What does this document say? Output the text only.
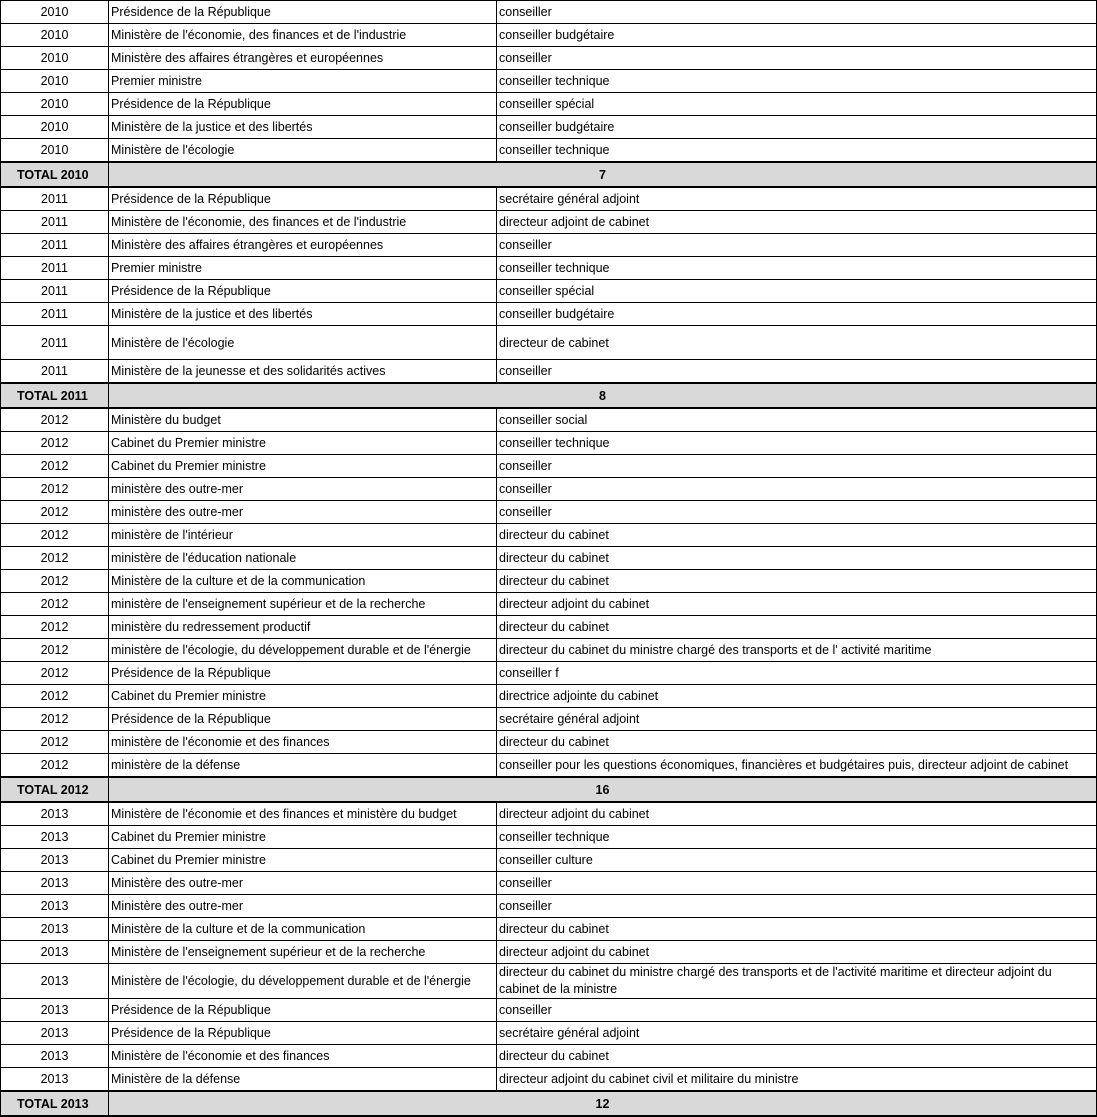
2010	Présidence de la République	conseiller
2010	Ministère de l'économie, des finances et de l'industrie	conseiller budgétaire
2010	Ministère des affaires étrangères et européennes	conseiller
2010	Premier ministre	conseiller technique
2010	Présidence de la République	conseiller spécial
2010	Ministère de la justice et des libertés	conseiller budgétaire
2010	Ministère de l'écologie	conseiller technique
TOTAL 2010	7	
2011	Présidence de la République	secrétaire général adjoint
2011	Ministère de l'économie, des finances et de l'industrie	directeur adjoint de cabinet
2011	Ministère des affaires étrangères et européennes	conseiller
2011	Premier ministre	conseiller technique
2011	Présidence de la République	conseiller spécial
2011	Ministère de la justice et des libertés	conseiller budgétaire
2011	Ministère de l'écologie	directeur de cabinet
2011	Ministère de la jeunesse et des solidarités actives	conseiller
TOTAL 2011	8	
2012	Ministère du budget	conseiller social
2012	Cabinet du Premier ministre	conseiller technique
2012	Cabinet du Premier ministre	conseiller
2012	ministère des outre-mer	conseiller
2012	ministère des outre-mer	conseiller
2012	ministère de l'intérieur	directeur du cabinet
2012	ministère de l'éducation nationale	directeur du cabinet
2012	Ministère de la culture et de la communication	directeur du cabinet
2012	ministère de l'enseignement supérieur et de la recherche	directeur adjoint du cabinet
2012	ministère du redressement productif	directeur du cabinet
2012	ministère de l'écologie, du développement durable et de l'énergie	directeur du cabinet du ministre chargé des transports et de l' activité maritime
2012	Présidence de la République	conseiller f
2012	Cabinet du Premier ministre	directrice adjointe du cabinet
2012	Présidence de la République	secrétaire général adjoint
2012	ministère de l'économie et des finances	directeur du cabinet
2012	ministère de la défense	conseiller pour les questions économiques, financières et budgétaires puis, directeur adjoint de cabinet
TOTAL 2012	16	
2013	Ministère de l'économie et des finances et ministère du budget	directeur adjoint du cabinet
2013	Cabinet du Premier ministre	conseiller technique
2013	Cabinet du Premier ministre	conseiller culture
2013	Ministère des outre-mer	conseiller
2013	Ministère des outre-mer	conseiller
2013	Ministère de la culture et de la communication	directeur du cabinet
2013	Ministère de l'enseignement supérieur et de la recherche	directeur adjoint du cabinet
2013	Ministère de l'écologie, du développement durable et de l'énergie	directeur du cabinet du ministre chargé des transports et de l'activité maritime et directeur adjoint du cabinet de la ministre
2013	Présidence de la République	conseiller
2013	Présidence de la République	secrétaire général adjoint
2013	Ministère de l'économie et des finances	directeur du cabinet
2013	Ministère de la défense	directeur adjoint du cabinet civil et militaire du ministre
TOTAL 2013	12	
